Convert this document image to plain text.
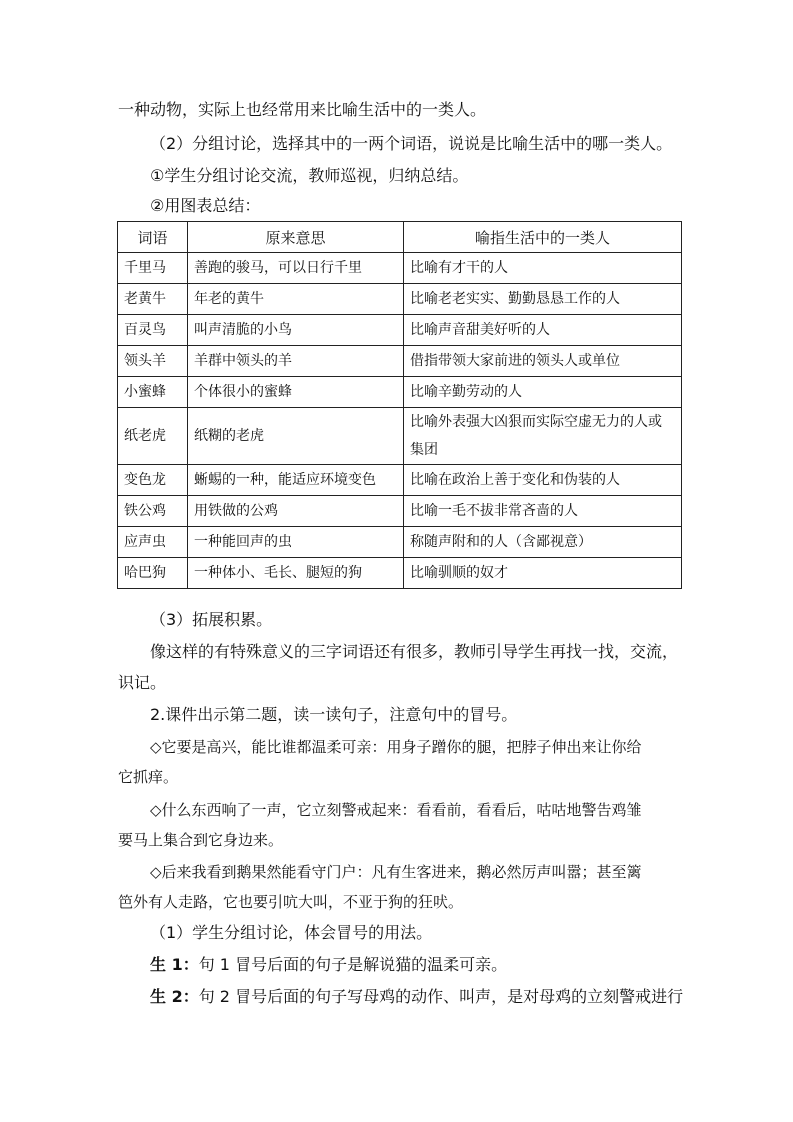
一种动物，实际上也经常用来比喻生活中的一类人。
（2）分组讨论，选择其中的一两个词语，说说是比喻生活中的哪一类人。
①学生分组讨论交流，教师巡视，归纳总结。
②用图表总结：
词语	原来意思	喻指生活中的一类人
千里马	善跑的骏马，可以日行千里	比喻有才干的人
老黄牛	年老的黄牛	比喻老老实实、勤勤恳恳工作的人
百灵鸟	叫声清脆的小鸟	比喻声音甜美好听的人
领头羊	羊群中领头的羊	借指带领大家前进的领头人或单位
小蜜蜂	个体很小的蜜蜂	比喻辛勤劳动的人
纸老虎	纸糊的老虎	比喻外表强大凶狠而实际空虚无力的人或集团
变色龙	蜥蜴的一种，能适应环境变色	比喻在政治上善于变化和伪装的人
铁公鸡	用铁做的公鸡	比喻一毛不拔非常吝啬的人
应声虫	一种能回声的虫	称随声附和的人（含鄙视意）
哈巴狗	一种体小、毛长、腿短的狗	比喻驯顺的奴才
（3）拓展积累。
像这样的有特殊意义的三字词语还有很多，教师引导学生再找一找，交流，
识记。
2.课件出示第二题，读一读句子，注意句中的冒号。
◇它要是高兴，能比谁都温柔可亲：用身子蹭你的腿，把脖子伸出来让你给
它抓痒。
◇什么东西响了一声，它立刻警戒起来：看看前，看看后，咕咕地警告鸡雏
要马上集合到它身边来。
◇后来我看到鹅果然能看守门户：凡有生客进来，鹅必然厉声叫嚣；甚至篱
笆外有人走路，它也要引吭大叫，不亚于狗的狂吠。
（1）学生分组讨论，体会冒号的用法。
生 1：句 1 冒号后面的句子是解说猫的温柔可亲。
生 2：句 2 冒号后面的句子写母鸡的动作、叫声，是对母鸡的立刻警戒进行
